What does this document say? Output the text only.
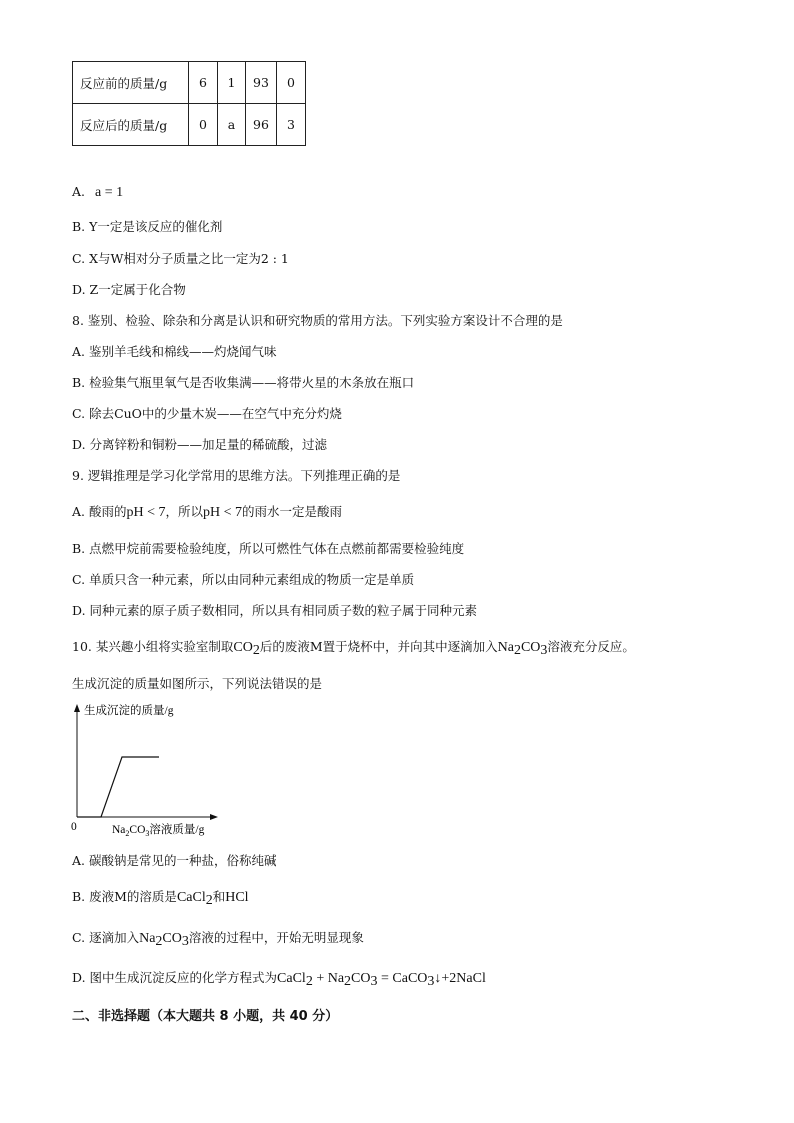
反应前的质量/g	6	1	93	0
反应后的质量/g	0	a	96	3
A. a = 1
B. Y一定是该反应的催化剂
C. X与W相对分子质量之比一定为2 : 1
D. Z一定属于化合物
8. 鉴别、检验、除杂和分离是认识和研究物质的常用方法。下列实验方案设计不合理的是
A. 鉴别羊毛线和棉线——灼烧闻气味
B. 检验集气瓶里氧气是否收集满——将带火星的木条放在瓶口
C. 除去CuO中的少量木炭——在空气中充分灼烧
D. 分离锌粉和铜粉——加足量的稀硫酸，过滤
9. 逻辑推理是学习化学常用的思维方法。下列推理正确的是
A. 酸雨的pH < 7，所以pH < 7的雨水一定是酸雨
B. 点燃甲烷前需要检验纯度，所以可燃性气体在点燃前都需要检验纯度
C. 单质只含一种元素，所以由同种元素组成的物质一定是单质
D. 同种元素的原子质子数相同，所以具有相同质子数的粒子属于同种元素
10. 某兴趣小组将实验室制取$CO_2$后的废液M置于烧杯中，并向其中逐滴加入$Na_2CO_3$溶液充分反应。
生成沉淀的质量如图所示，下列说法错误的是
生成沉淀的质量/g
0	$Na_2CO_3$溶液质量/g
A. 碳酸钠是常见的一种盐，俗称纯碱
B. 废液M的溶质是CaCl$_2$和HCl
C. 逐滴加入$Na_2CO_3$溶液的过程中，开始无明显现象
D. 图中生成沉淀反应的化学方程式为CaCl$_2$ + $Na_2CO_3$ = CaCO$_3$↓+2NaCl
二、非选择题（本大题共 8 小题，共 40 分）
